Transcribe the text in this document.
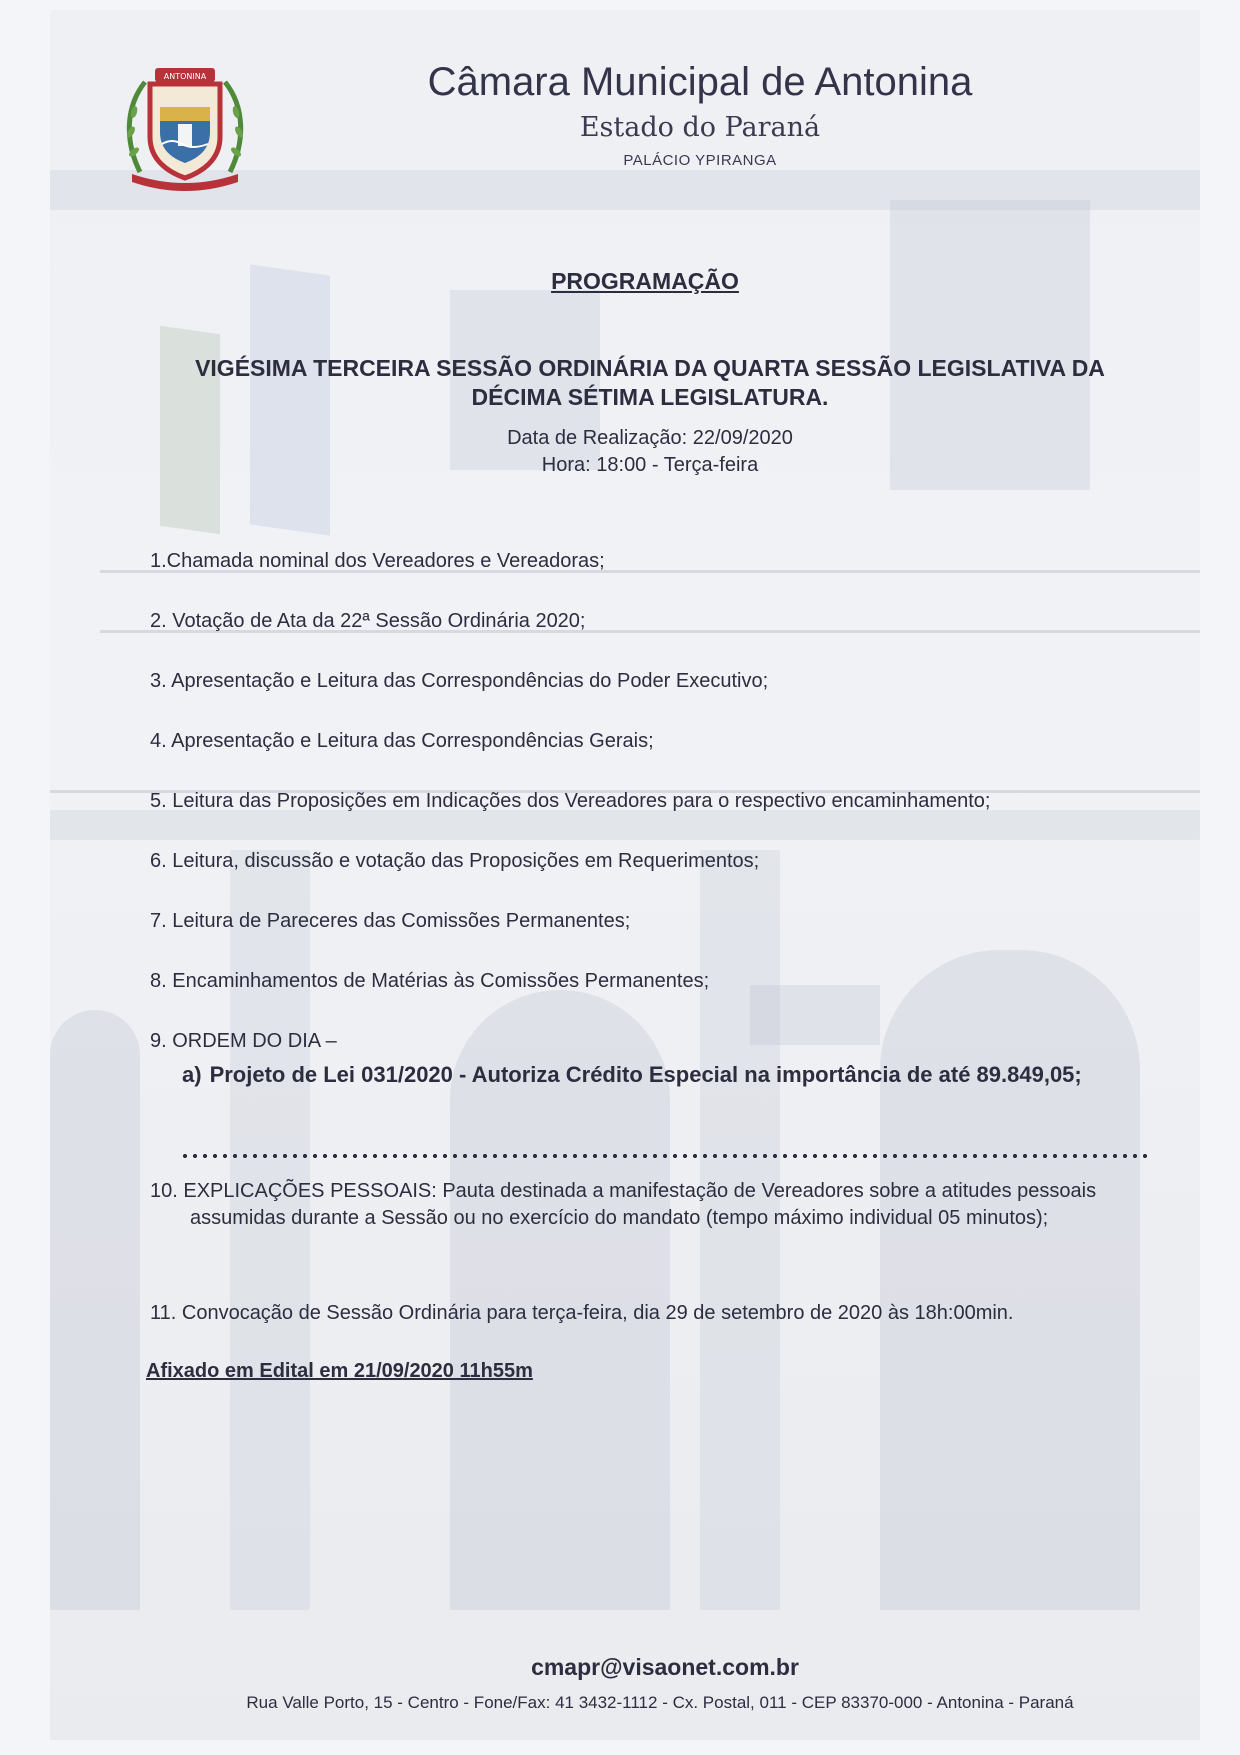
ANTONINA	Câmara Municipal de Antonina
Estado do Paraná
PALÁCIO YPIRANGA
PROGRAMAÇÃO
VIGÉSIMA TERCEIRA SESSÃO ORDINÁRIA DA QUARTA SESSÃO LEGISLATIVA DA
DÉCIMA SÉTIMA LEGISLATURA.
Data de Realização: 22/09/2020
Hora: 18:00 - Terça-feira
1.Chamada nominal dos Vereadores e Vereadoras;
2. Votação de Ata da 22ª Sessão Ordinária 2020;
3. Apresentação e Leitura das Correspondências do Poder Executivo;
4. Apresentação e Leitura das Correspondências Gerais;
5. Leitura das Proposições em Indicações dos Vereadores para o respectivo encaminhamento;
6. Leitura, discussão e votação das Proposições em Requerimentos;
7. Leitura de Pareceres das Comissões Permanentes;
8. Encaminhamentos de Matérias às Comissões Permanentes;
9. ORDEM DO DIA –
a) Projeto de Lei 031/2020 - Autoriza Crédito Especial na importância de até 89.849,05;
10. EXPLICAÇÕES PESSOAIS: Pauta destinada a manifestação de Vereadores sobre a atitudes pessoais assumidas durante a Sessão ou no exercício do mandato (tempo máximo individual 05 minutos);
11. Convocação de Sessão Ordinária para terça-feira, dia 29 de setembro de 2020 às 18h:00min.
Afixado em Edital em 21/09/2020 11h55m
cmapr@visaonet.com.br
Rua Valle Porto, 15 - Centro - Fone/Fax: 41 3432-1112 - Cx. Postal, 011 - CEP 83370-000 - Antonina - Paraná
